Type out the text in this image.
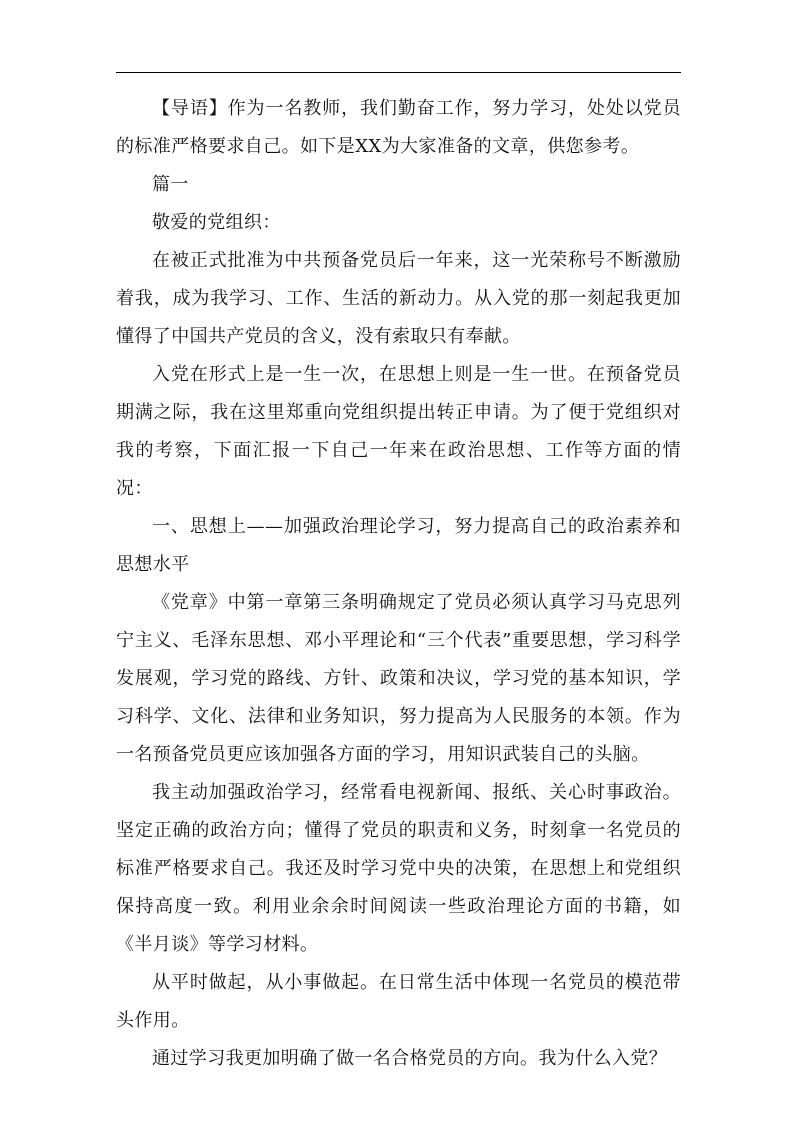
【导语】作为一名教师，我们勤奋工作，努力学习，处处以党员的标准严格要求自己。如下是XX为大家准备的文章，供您参考。

篇一

敬爱的党组织：

在被正式批准为中共预备党员后一年来，这一光荣称号不断激励着我，成为我学习、工作、生活的新动力。从入党的那一刻起我更加懂得了中国共产党员的含义，没有索取只有奉献。

入党在形式上是一生一次，在思想上则是一生一世。在预备党员期满之际，我在这里郑重向党组织提出转正申请。为了便于党组织对我的考察，下面汇报一下自己一年来在政治思想、工作等方面的情况：

一、思想上——加强政治理论学习，努力提高自己的政治素养和思想水平

《党章》中第一章第三条明确规定了党员必须认真学习马克思列宁主义、毛泽东思想、邓小平理论和“三个代表”重要思想，学习科学发展观，学习党的路线、方针、政策和决议，学习党的基本知识，学习科学、文化、法律和业务知识，努力提高为人民服务的本领。作为一名预备党员更应该加强各方面的学习，用知识武装自己的头脑。

我主动加强政治学习，经常看电视新闻、报纸、关心时事政治。坚定正确的政治方向；懂得了党员的职责和义务，时刻拿一名党员的标准严格要求自己。我还及时学习党中央的决策，在思想上和党组织保持高度一致。利用业余余时间阅读一些政治理论方面的书籍，如《半月谈》等学习材料。

从平时做起，从小事做起。在日常生活中体现一名党员的模范带头作用。

通过学习我更加明确了做一名合格党员的方向。我为什么入党？
